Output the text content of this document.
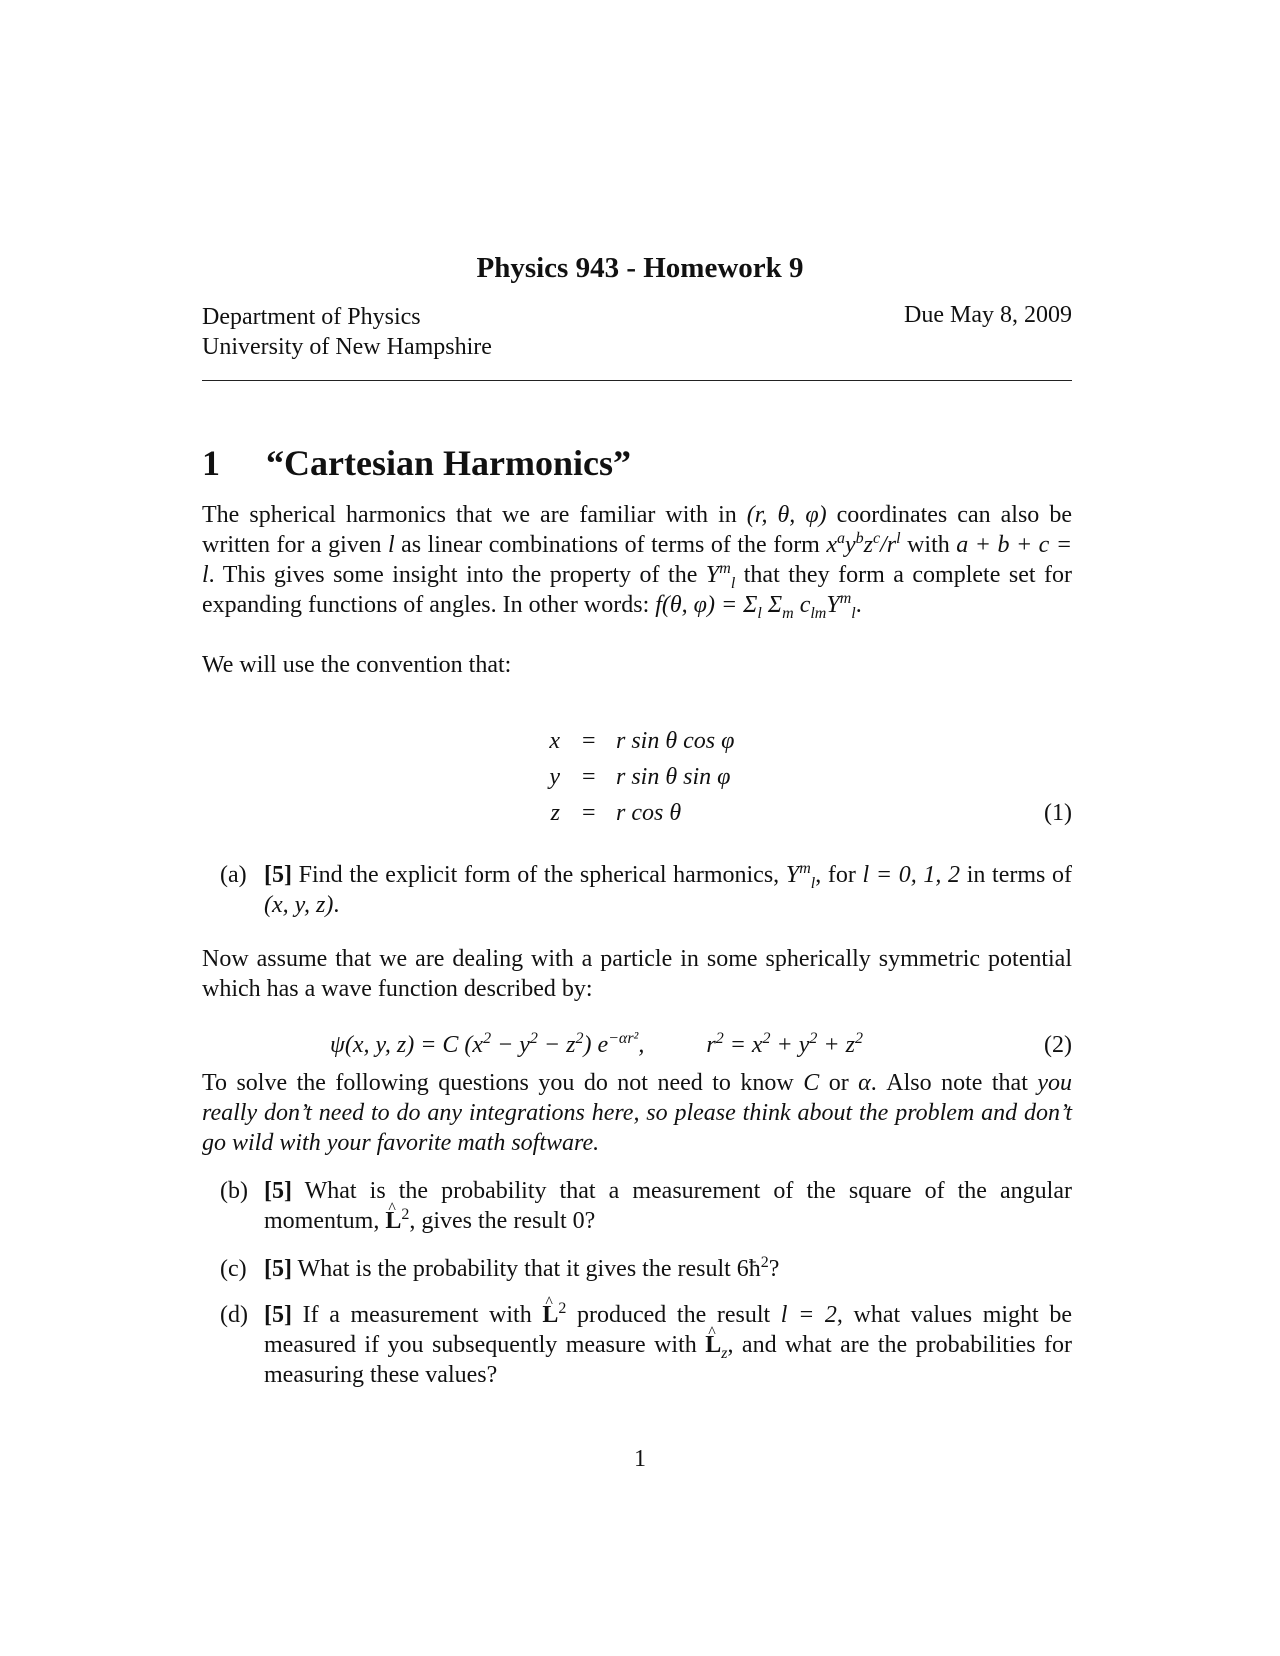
Physics 943 - Homework 9
Department of Physics
University of New Hampshire
Due May 8, 2009
1 “Cartesian Harmonics”
The spherical harmonics that we are familiar with in (r, θ, φ) coordinates can also be written for a given l as linear combinations of terms of the form $x^ay^bz^c/r^l$ with a + b + c = l. This gives some insight into the property of the $Y^m_l$ that they form a complete set for expanding functions of angles. In other words: f(θ, $\varphi) = \Sigma_l$ $\Sigma_m$ $c_{lm}Y^m_l$.
We will use the convention that:
x = r sin θ cos φ
y = r sin θ sin φ
z = r cos θ	(1)
(a) [5] Find the explicit form of the spherical harmonics, $Y^m_l$, for l = 0, 1, 2 in terms of (x, y, z).
Now assume that we are dealing with a particle in some spherically symmetric potential which has a wave function described by:
ψ(x, y, z) = C $(x^2 - y^2 - z^2)$ $e^{-\alpha r^2}$,  $r^2 = x^2 + y^2 + z^2$	(2)
To solve the following questions you do not need to know C or α. Also note that you really don’t need to do any integrations here, so please think about the problem and don’t go wild with your favorite math software.
(b) [5] What is the probability that a measurement of the square of the angular momentum, ^ $L^2$, gives the result 0?
(c) [5] What is the probability that it gives the result $6ħ^2$?
(d) [5] If a measurement with ^ $L^2$ produced the result l = 2, what values might be measured if you subsequently measure with ^ $L_z$, and what are the probabilities for measuring these values?
1
